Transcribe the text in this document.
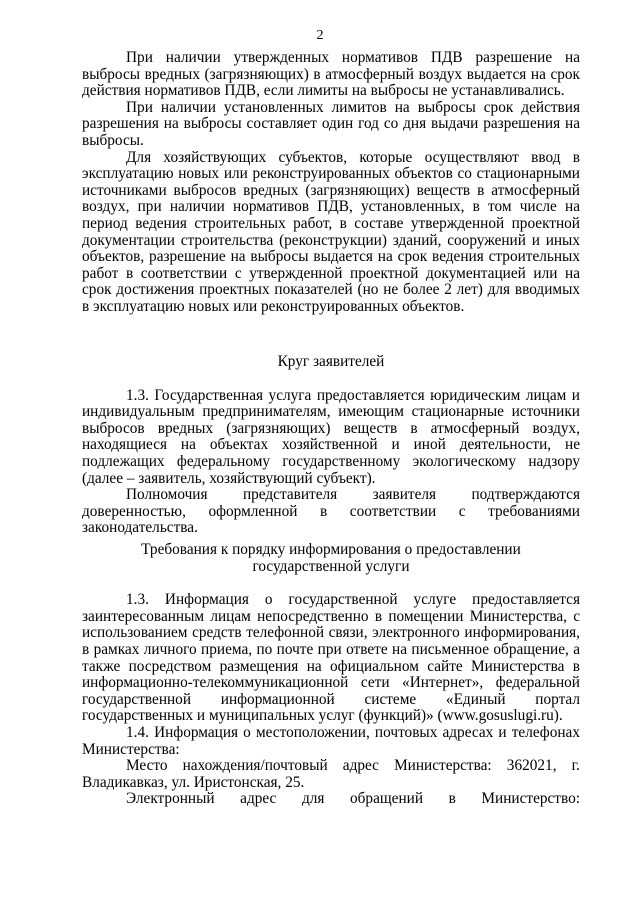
2

При наличии утвержденных нормативов ПДВ разрешение на выбросы вредных (загрязняющих) в атмосферный воздух выдается на срок действия нормативов ПДВ, если лимиты на выбросы не устанавливались.

При наличии установленных лимитов на выбросы срок действия разрешения на выбросы составляет один год со дня выдачи разрешения на выбросы.

Для хозяйствующих субъектов, которые осуществляют ввод в эксплуатацию новых или реконструированных объектов со стационарными источниками выбросов вредных (загрязняющих) веществ в атмосферный воздух, при наличии нормативов ПДВ, установленных, в том числе на период ведения строительных работ, в составе утвержденной проектной документации строительства (реконструкции) зданий, сооружений и иных объектов, разрешение на выбросы выдается на срок ведения строительных работ в соответствии с утвержденной проектной документацией или на срок достижения проектных показателей (но не более 2 лет) для вводимых в эксплуатацию новых или реконструированных объектов.

Круг заявителей

1.3. Государственная услуга предоставляется юридическим лицам и индивидуальным предпринимателям, имеющим стационарные источники выбросов вредных (загрязняющих) веществ в атмосферный воздух, находящиеся на объектах хозяйственной и иной деятельности, не подлежащих федеральному государственному экологическому надзору (далее – заявитель, хозяйствующий субъект).

Полномочия представителя заявителя подтверждаются доверенностью, оформленной в соответствии с требованиями законодательства.

Требования к порядку информирования о предоставлении

государственной услуги

1.3. Информация о государственной услуге предоставляется заинтересованным лицам непосредственно в помещении Министерства, с использованием средств телефонной связи, электронного информирования, в рамках личного приема, по почте при ответе на письменное обращение, а также посредством размещения на официальном сайте Министерства в информационно-телекоммуникационной сети «Интернет», федеральной государственной информационной системе «Единый портал государственных и муниципальных услуг (функций)» (www.gosuslugi.ru).

1.4. Информация о местоположении, почтовых адресах и телефонах Министерства:

Место нахождения/почтовый адрес Министерства: 362021, г. Владикавказ, ул. Иристонская, 25.

Электронный адрес для обращений в Министерство:
